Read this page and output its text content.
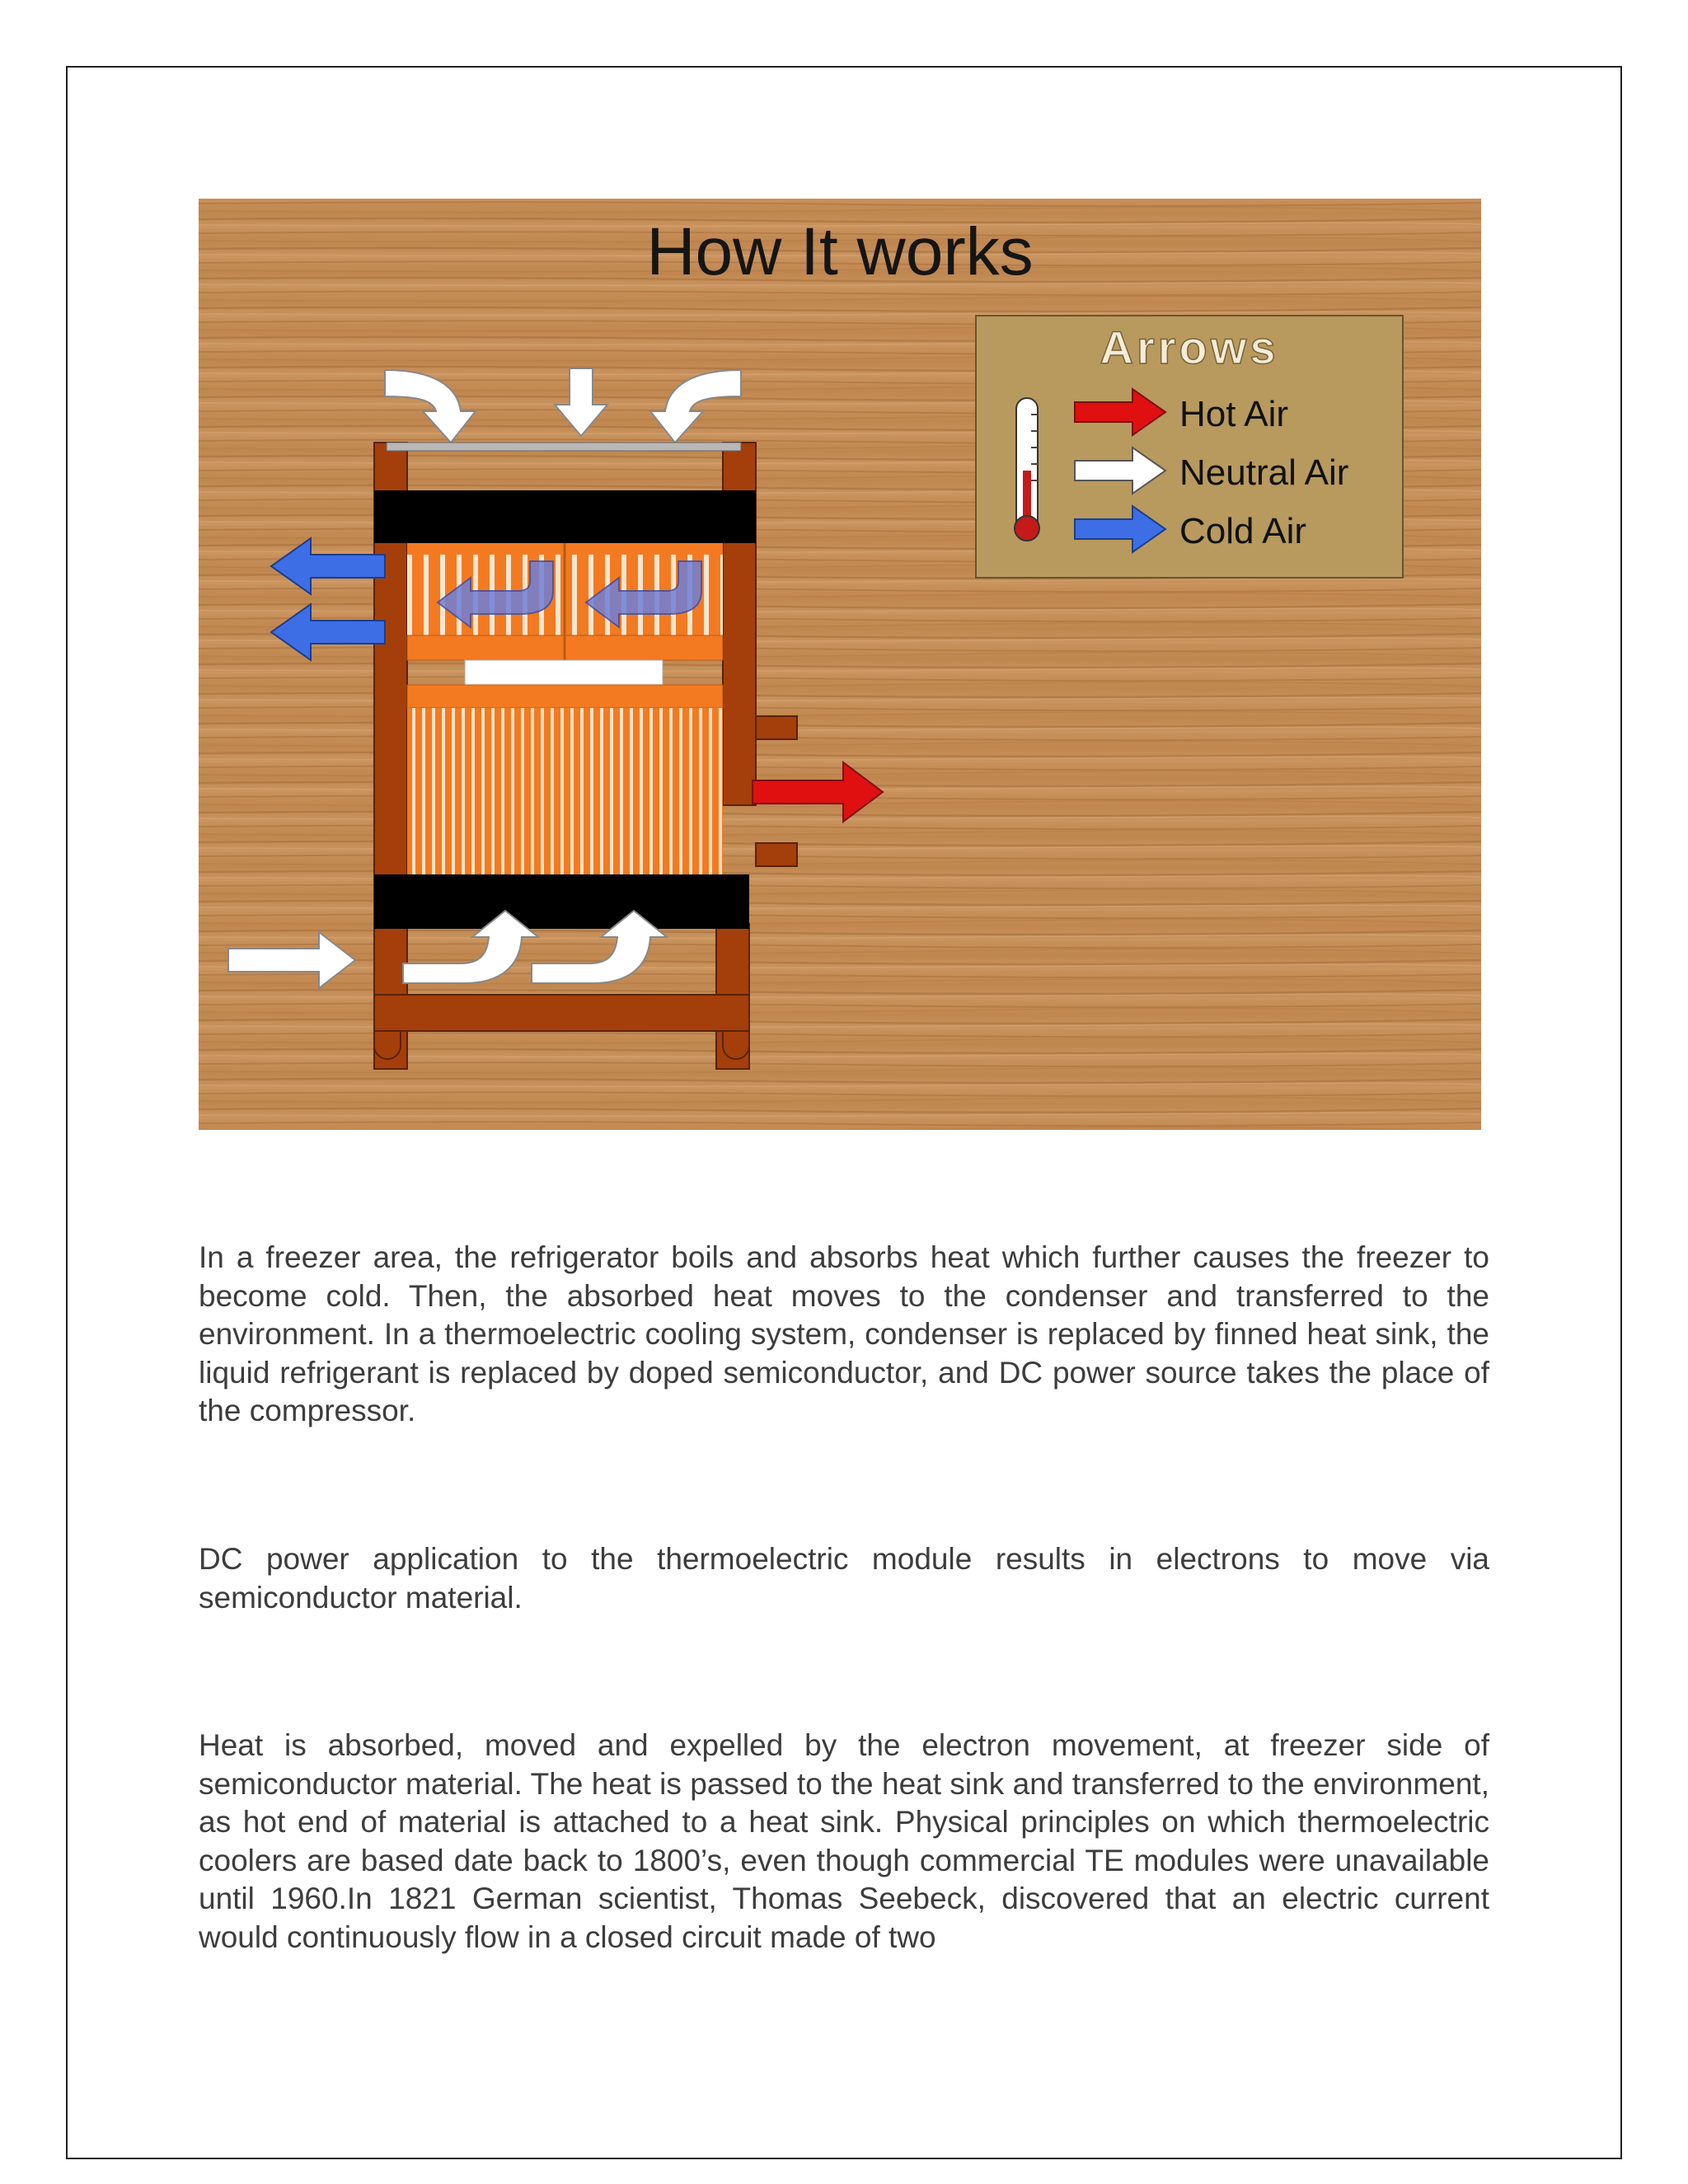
How It works
Arrows
Hot Air
Neutral Air
Cold Air

In a freezer area, the refrigerator boils and absorbs heat which further causes the freezer to become cold. Then, the absorbed heat moves to the condenser and transferred to the environment. In a thermoelectric cooling system, condenser is replaced by finned heat sink, the liquid refrigerant is replaced by doped semiconductor, and DC power source takes the place of the compressor.

DC power application to the thermoelectric module results in electrons to move via semiconductor material.

Heat is absorbed, moved and expelled by the electron movement, at freezer side of semiconductor material. The heat is passed to the heat sink and transferred to the environment, as hot end of material is attached to a heat sink. Physical principles on which thermoelectric coolers are based date back to 1800’s, even though commercial TE modules were unavailable until 1960.In 1821 German scientist, Thomas Seebeck, discovered that an electric current would continuously flow in a closed circuit made of two
